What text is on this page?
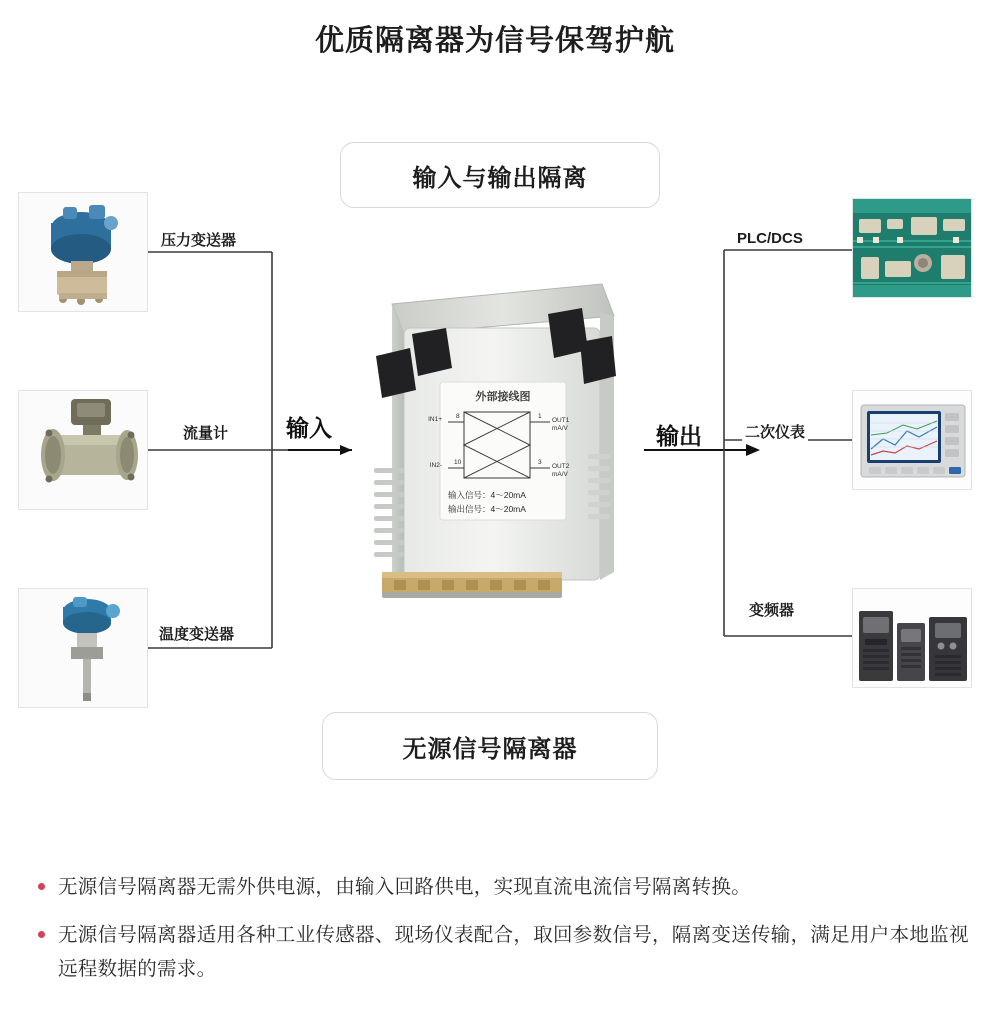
优质隔离器为信号保驾护航
输入与输出隔离
无源信号隔离器
压力变送器
流量计
温度变送器
PLC/DCS
二次仪表
变频器
输入	输出
外部接线图
IN1+ 8
IN2- 10
1
OUT1
mA/V
3
OUT2
mA/V
输入信号：4～20mA
输出信号：4～20mA
无源信号隔离器无需外供电源，由输入回路供电，实现直流电流信号隔离转换。
无源信号隔离器适用各种工业传感器、现场仪表配合，取回参数信号，隔离变送传输，满足用户本地监视远程数据的需求。
